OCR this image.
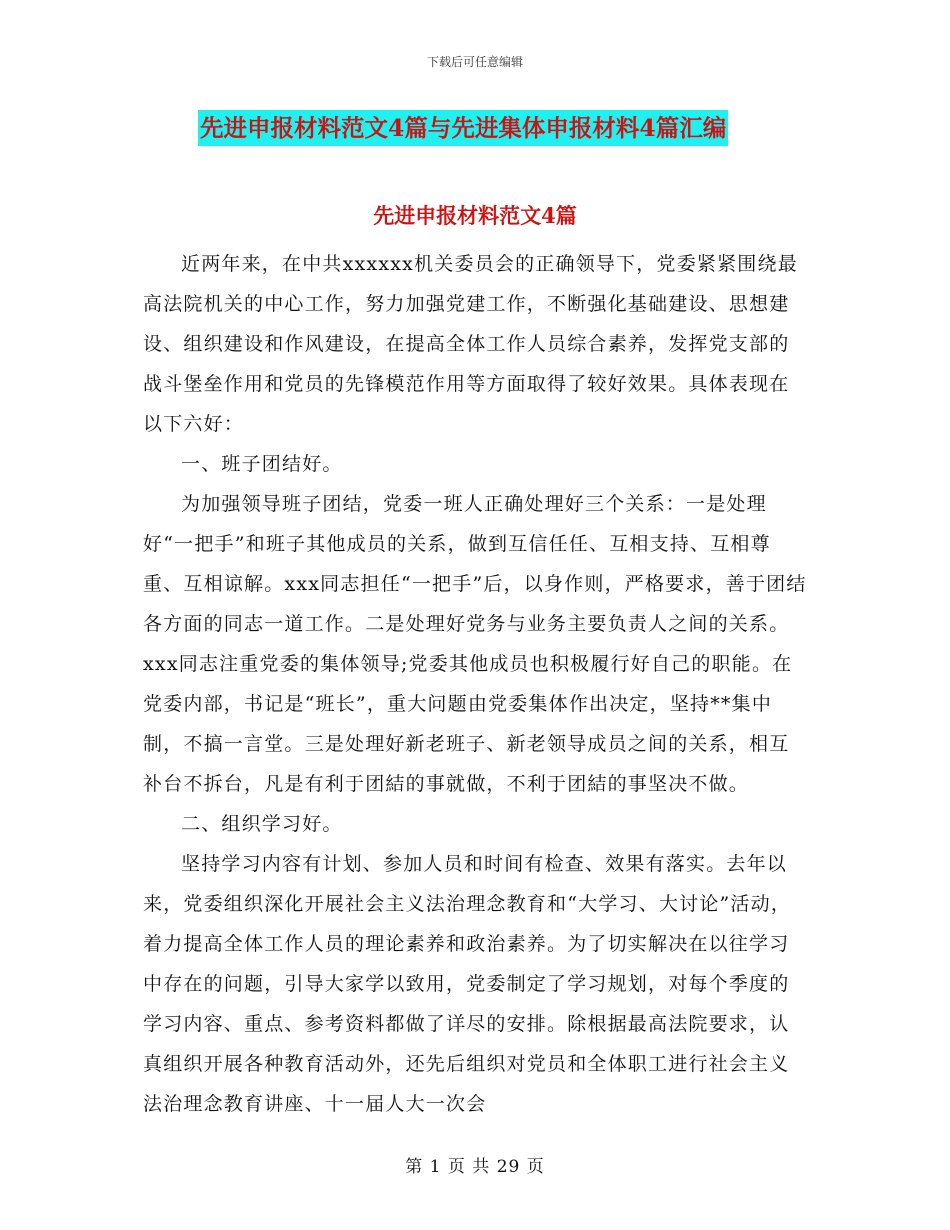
下载后可任意编辑
先进申报材料范文4篇与先进集体申报材料4篇汇编
先进申报材料范文4篇

近两年来，在中共xxxxxx机关委员会的正确领导下，党委紧紧围绕最高法院机关的中心工作，努力加强党建工作，不断强化基础建设、思想建设、组织建设和作风建设，在提高全体工作人员综合素养，发挥党支部的战斗堡垒作用和党员的先锋模范作用等方面取得了较好效果。具体表现在以下六好：

一、班子团结好。

为加强领导班子团结，党委一班人正确处理好三个关系：一是处理好“一把手”和班子其他成员的关系，做到互信任任、互相支持、互相尊重、互相谅解。xxx同志担任“一把手”后，以身作则，严格要求，善于团结各方面的同志一道工作。二是处理好党务与业务主要负责人之间的关系。xxx同志注重党委的集体领导;党委其他成员也积极履行好自己的职能。在党委内部，书记是“班长”，重大问题由党委集体作出决定，坚持**集中制，不搞一言堂。三是处理好新老班子、新老领导成员之间的关系，相互补台不拆台，凡是有利于团結的事就做，不利于团結的事坚决不做。

二、组织学习好。

坚持学习内容有计划、参加人员和时间有检查、效果有落实。去年以来，党委组织深化开展社会主义法治理念教育和“大学习、大讨论”活动，着力提高全体工作人员的理论素养和政治素养。为了切实解决在以往学习中存在的问题，引导大家学以致用，党委制定了学习规划，对每个季度的学习内容、重点、参考资料都做了详尽的安排。除根据最高法院要求，认真组织开展各种教育活动外，还先后组织对党员和全体职工进行社会主义法治理念教育讲座、十一届人大一次会

第 1 页 共 29 页
